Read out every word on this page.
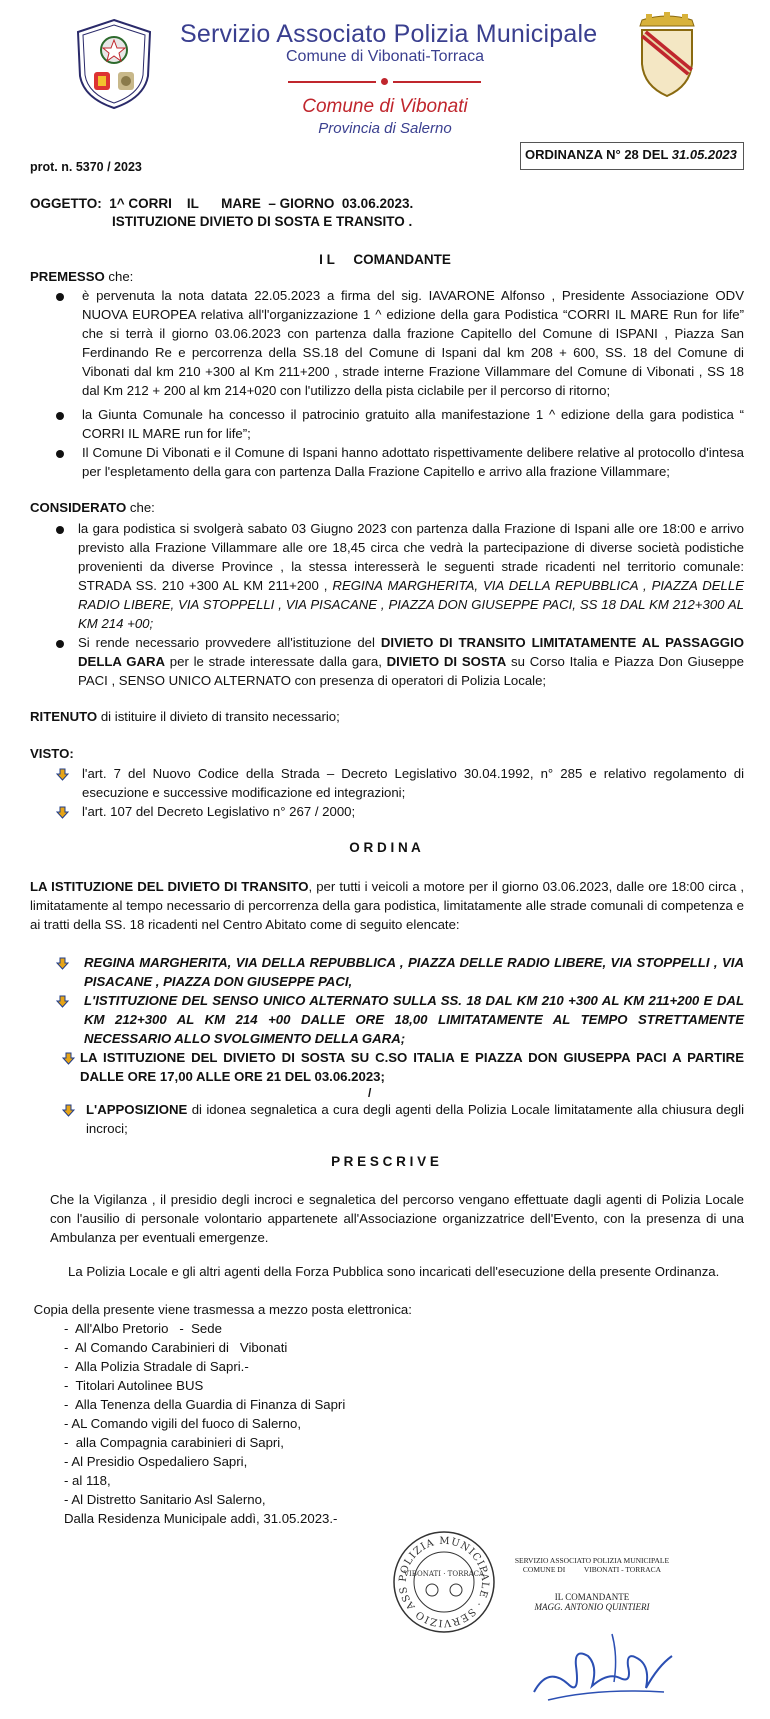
Servizio Associato Polizia Municipale
Comune di Vibonati-Torraca
Comune di Vibonati
Provincia di Salerno
prot. n. 5370 / 2023
ORDINANZA N° 28 DEL 31.05.2023
OGGETTO:  1^ CORRI    IL      MARE  – GIORNO  03.06.2023.
ISTITUZIONE DIVIETO DI SOSTA E TRANSITO .
I L     COMANDANTE
PREMESSO che:

è pervenuta la nota datata 22.05.2023 a firma del sig. IAVARONE Alfonso , Presidente Associazione ODV NUOVA EUROPEA relativa all'l'organizzazione 1 ^ edizione della gara Podistica “CORRI IL MARE Run for life” che si terrà il giorno 03.06.2023 con partenza dalla frazione Capitello del Comune di ISPANI , Piazza San Ferdinando Re e percorrenza della SS.18 del Comune di Ispani dal km 208 + 600, SS. 18 del Comune di Vibonati dal km 210 +300 al Km 211+200 , strade interne Frazione Villammare del Comune di Vibonati , SS 18 dal Km 212 + 200 al km 214+020 con l'utilizzo della pista ciclabile per il percorso di ritorno;

la Giunta Comunale ha concesso il patrocinio gratuito alla manifestazione 1 ^ edizione della gara podistica “ CORRI IL MARE run for life”;

Il Comune Di Vibonati e il Comune di Ispani hanno adottato rispettivamente delibere relative al protocollo d'intesa per l'espletamento della gara con partenza Dalla Frazione Capitello e arrivo alla frazione Villammare;

CONSIDERATO che:

la gara podistica si svolgerà sabato 03 Giugno 2023 con partenza dalla Frazione di Ispani alle ore 18:00 e arrivo previsto alla Frazione Villammare alle ore 18,45 circa che vedrà la partecipazione di diverse società podistiche provenienti da diverse Province , la stessa interesserà le seguenti strade ricadenti nel territorio comunale: STRADA SS. 210 +300 AL KM 211+200 , REGINA MARGHERITA, VIA DELLA REPUBBLICA , PIAZZA DELLE RADIO LIBERE, VIA STOPPELLI , VIA PISACANE , PIAZZA DON GIUSEPPE PACI, SS 18 DAL KM 212+300 AL KM 214 +00;

Si rende necessario provvedere all'istituzione del DIVIETO DI TRANSITO LIMITATAMENTE AL PASSAGGIO DELLA GARA per le strade interessate dalla gara, DIVIETO DI SOSTA su Corso Italia e Piazza Don Giuseppe PACI , SENSO UNICO ALTERNATO con presenza di operatori di Polizia Locale;

RITENUTO di istituire il divieto di transito necessario;
VISTO:

l'art. 7 del Nuovo Codice della Strada – Decreto Legislativo 30.04.1992, n° 285 e relativo regolamento di esecuzione e successive modificazione ed integrazioni;

l'art. 107 del Decreto Legislativo n° 267 / 2000;

O R D I N A

LA ISTITUZIONE DEL DIVIETO DI TRANSITO, per tutti i veicoli a motore per il giorno 03.06.2023, dalle ore 18:00 circa , limitatamente al tempo necessario di percorrenza della gara podistica, limitatamente alle strade comunali di competenza e ai tratti della SS. 18 ricadenti nel Centro Abitato come di seguito elencate:

REGINA MARGHERITA, VIA DELLA REPUBBLICA , PIAZZA DELLE RADIO LIBERE, VIA STOPPELLI , VIA PISACANE , PIAZZA DON GIUSEPPE PACI,

L'ISTITUZIONE DEL SENSO UNICO ALTERNATO SULLA SS. 18 DAL KM 210 +300 AL KM 211+200 E DAL KM 212+300 AL KM 214 +00 DALLE ORE 18,00 LIMITATAMENTE AL TEMPO STRETTAMENTE NECESSARIO ALLO SVOLGIMENTO DELLA GARA;

LA ISTITUZIONE DEL DIVIETO DI SOSTA SU C.SO ITALIA E PIAZZA DON GIUSEPPA PACI A PARTIRE DALLE ORE 17,00 ALLE ORE 21 DEL 03.06.2023;

/

L'APPOSIZIONE di idonea segnaletica a cura degli agenti della Polizia Locale limitatamente alla chiusura degli incroci;

P R E S C R I V E

Che la Vigilanza , il presidio degli incroci e segnaletica del percorso vengano effettuate dagli agenti di Polizia Locale con l'ausilio di personale volontario appartenete all'Associazione organizzatrice dell'Evento, con la presenza di una Ambulanza per eventuali emergenze.

La Polizia Locale e gli altri agenti della Forza Pubblica sono incaricati dell'esecuzione della presente Ordinanza.

Copia della presente viene trasmessa a mezzo posta elettronica:

-  All'Albo Pretorio   -  Sede
-  Al Comando Carabinieri di   Vibonati
-  Alla Polizia Stradale di Sapri.-
-  Titolari Autolinee BUS
-  Alla Tenenza della Guardia di Finanza di Sapri
- AL Comando vigili del fuoco di Salerno,
-  alla Compagnia carabinieri di Sapri,
- Al Presidio Ospedaliero Sapri,
- al 118,
- Al Distretto Sanitario Asl Salerno,
Dalla Residenza Municipale addì, 31.05.2023.-
POLIZIA MUNICIPALE · SERVIZIO ASS
VIBONATI · TORRACA
SERVIZIO ASSOCIATO POLIZIA MUNICIPALE
COMUNE DI          VIBONATI - TORRACA
IL COMANDANTE
MAGG. ANTONIO QUINTIERI
